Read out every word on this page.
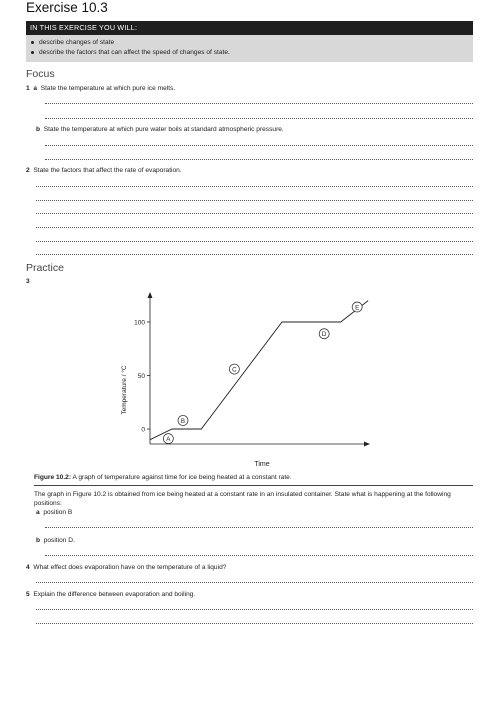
Exercise 10.3
IN THIS EXERCISE YOU WILL:
describe changes of state
describe the factors that can affect the speed of changes of state.
Focus
1 a State the temperature at which pure ice melts.
b State the temperature at which pure water boils at standard atmospheric pressure.
2 State the factors that affect the rate of evaporation.
Practice
3
0
50
100
A
B
C
D
E
Time
Temperature / °C
Figure 10.2: A graph of temperature against time for ice being heated at a constant rate.
The graph in Figure 10.2 is obtained from ice being heated at a constant rate in an insulated container. State what is happening at the following positions:
a position B
b position D.
4 What effect does evaporation have on the temperature of a liquid?
5 Explain the difference between evaporation and boiling.
